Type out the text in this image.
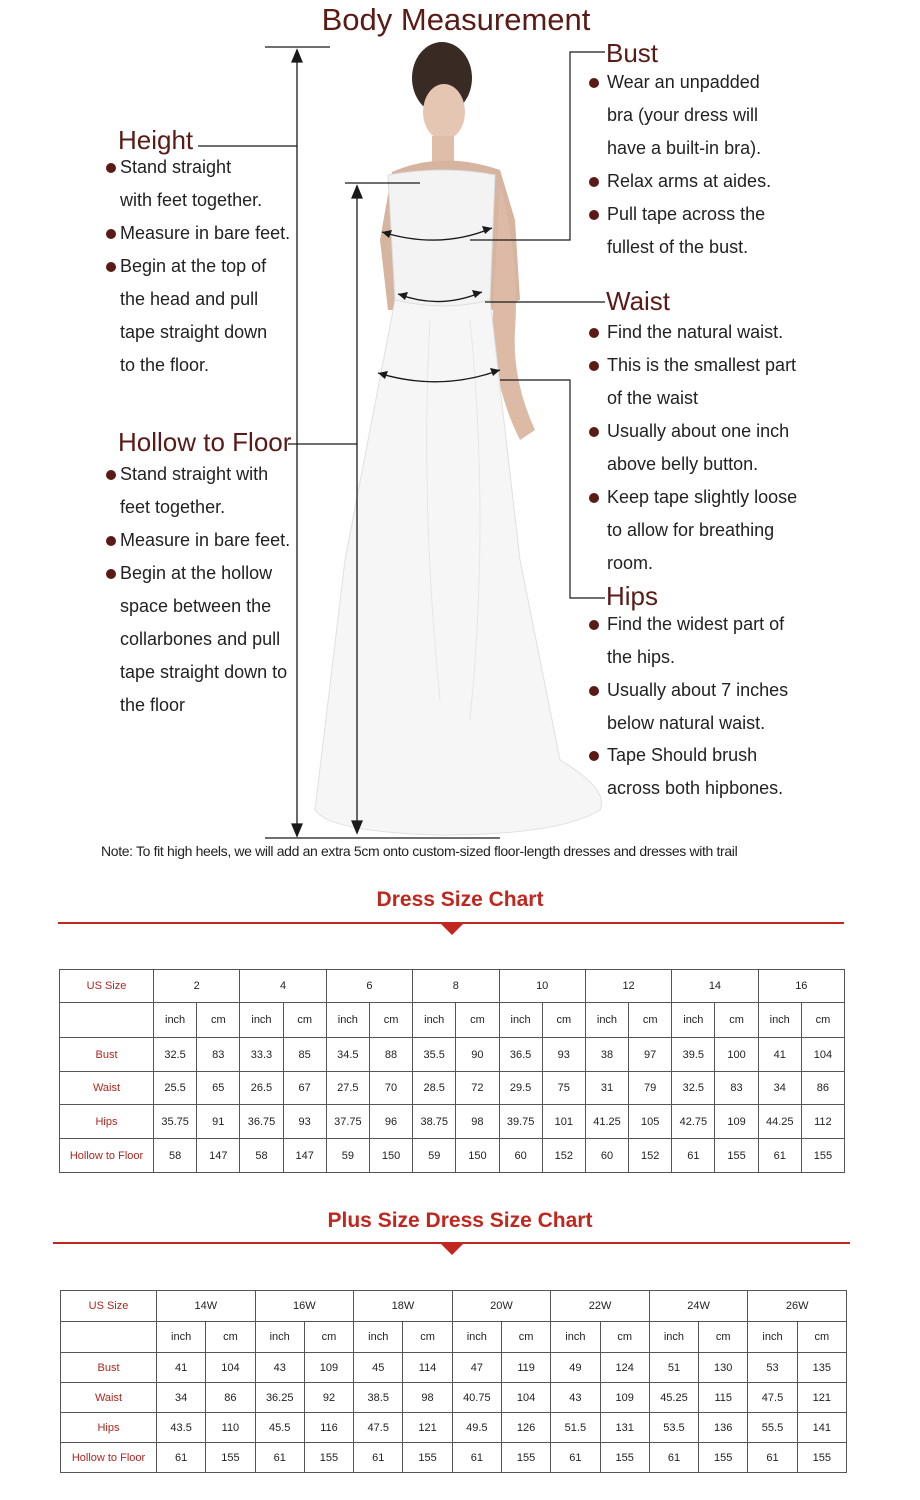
Body Measurement
Height
Hollow to Floor
Bust
Waist
Hips
Stand straight
with feet together.
Measure in bare feet.
Begin at the top of
the head and pull
tape straight down
to the floor.
Stand straight with
feet together.
Measure in bare feet.
Begin at the hollow
space between the
collarbones and pull
tape straight down to
the floor
Wear an unpadded
bra (your dress will
have a built-in bra).
Relax arms at aides.
Pull tape across the
fullest of the bust.
Find the natural waist.
This is the smallest part
of the waist
Usually about one inch
above belly button.
Keep tape slightly loose
to allow for breathing
room.
Find the widest part of
the hips.
Usually about 7 inches
below natural waist.
Tape Should brush
across both hipbones.
Note: To fit high heels, we will add an extra 5cm onto custom-sized floor-length dresses and dresses with trail
Dress Size Chart
US Size	2		4		6		8		10		12		14		16	
	inch	cm	inch	cm	inch	cm	inch	cm	inch	cm	inch	cm	inch	cm	inch	cm
Bust	32.5	83	33.3	85	34.5	88	35.5	90	36.5	93	38	97	39.5	100	41	104
Waist	25.5	65	26.5	67	27.5	70	28.5	72	29.5	75	31	79	32.5	83	34	86
Hips	35.75	91	36.75	93	37.75	96	38.75	98	39.75	101	41.25	105	42.75	109	44.25	112
Hollow to Floor	58	147	58	147	59	150	59	150	60	152	60	152	61	155	61	155
Plus Size Dress Size Chart
US Size	14W		16W		18W		20W		22W		24W		26W	
	inch	cm	inch	cm	inch	cm	inch	cm	inch	cm	inch	cm	inch	cm
Bust	41	104	43	109	45	114	47	119	49	124	51	130	53	135
Waist	34	86	36.25	92	38.5	98	40.75	104	43	109	45.25	115	47.5	121
Hips	43.5	110	45.5	116	47.5	121	49.5	126	51.5	131	53.5	136	55.5	141
Hollow to Floor	61	155	61	155	61	155	61	155	61	155	61	155	61	155
